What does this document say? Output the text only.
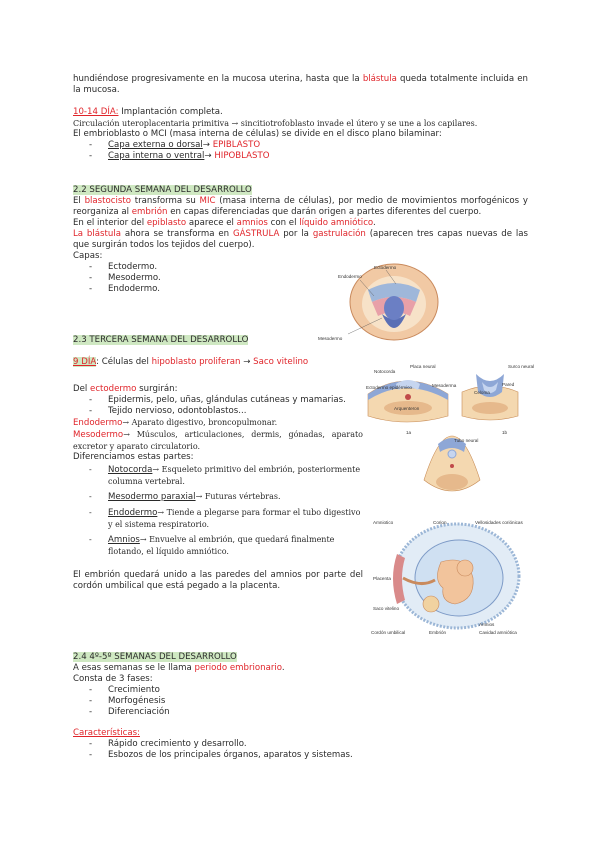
hundiéndose progresivamente en la mucosa uterina, hasta que la blástula queda totalmente incluida en la mucosa.
10-14 DÍA: Implantación completa.
Circulación uteroplacentaria primitiva → sincitiotrofoblasto invade el útero y se une a los capilares.
El embrioblasto o MCI (masa interna de células) se divide en el disco plano bilaminar:
- Capa externa o dorsal→ EPIBLASTO
- Capa interna o ventral→ HIPOBLASTO
2.2 SEGUNDA SEMANA DEL DESARROLLO
El blastocisto transforma su MIC (masa interna de células), por medio de movimientos morfogénicos y reorganiza al embrión en capas diferenciadas que darán origen a partes diferentes del cuerpo.
En el interior del epiblasto aparece el amnios con el líquido amniótico.
La blástula ahora se transforma en GÁSTRULA por la gastrulación (aparecen tres capas nuevas de las que surgirán todos los tejidos del cuerpo).
Capas:
- Ectodermo.
- Mesodermo.
- Endodermo.
Ectodermo
Endodermo
Mesodermo
2.3 TERCERA SEMANA DEL DESARROLLO
9 DÍA: Células del hipoblasto proliferan → Saco vitelino
Del ectodermo surgirán:
- Epidermis, pelo, uñas, glándulas cutáneas y mamarias.
- Tejido nervioso, odontoblastos...
Endodermo→ Aparato digestivo, broncopulmonar.
Mesodermo→ Músculos, articulaciones, dermis, gónadas, aparato excretor y aparato circulatorio.
Diferenciamos estas partes:
- Notocorda→ Esqueleto primitivo del embrión, posteriormente columna vertebral.
- Mesodermo paraxial→ Futuras vértebras.
- Endodermo→ Tiende a plegarse para formar el tubo digestivo y el sistema respiratorio.
- Amnios→ Envuelve al embrión, que quedará finalmente flotando, el líquido amniótico.
El embrión quedará unido a las paredes del amnios por parte del cordón umbilical que está pegado a la placenta.
Notocorda
Placa neural
Ectodermo epidérmico	Mesoderma
Surco neural
Pared
Celoma
Arquenteron
1a	1b
Tubo neural
Amniotico	Corion	Vellosidades coriónicas
Placenta
Saco vitelino
Cordón umbilical	Embrión
Amnios
Cavidad amniótica
2.4 4º-5º SEMANAS DEL DESARROLLO
A esas semanas se le llama periodo embrionario.
Consta de 3 fases:
- Crecimiento
- Morfogénesis
- Diferenciación
Características:
- Rápido crecimiento y desarrollo.
- Esbozos de los principales órganos, aparatos y sistemas.
